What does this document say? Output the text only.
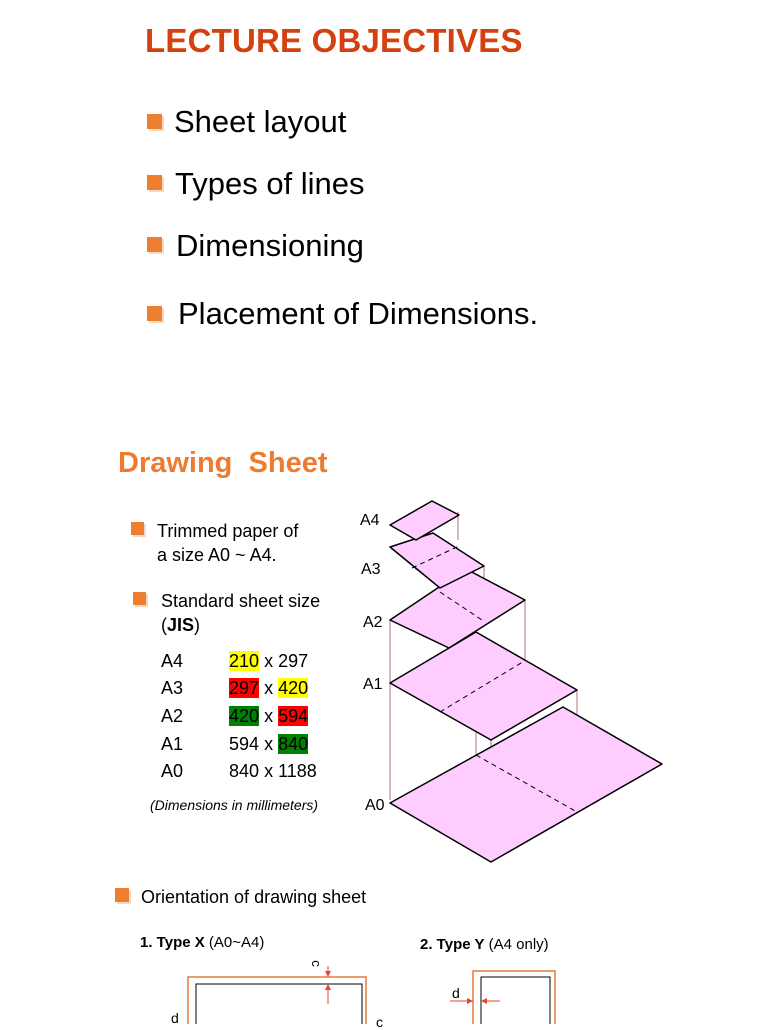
LECTURE OBJECTIVES
Sheet layout
Types of lines
Dimensioning
Placement of Dimensions.
Drawing  Sheet
Trimmed paper of
a size A0 ~ A4.
Standard sheet size
(JIS)
A4	210 x 297
A3	297 x 420
A2	420 x 594
A1	594 x 840
A0	840 x 1188
(Dimensions in millimeters)
A4
A3
A2
A1
A0
Orientation of drawing sheet
1. Type X (A0~A4)	2. Type Y (A4 only)
c
d	c
d
